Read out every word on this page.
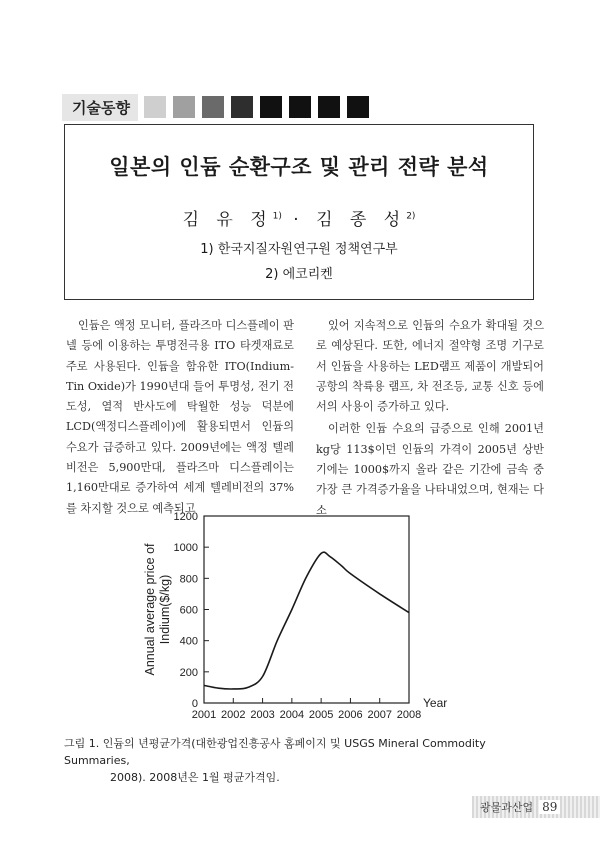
기술동향
일본의 인듐 순환구조 및 관리 전략 분석
김 유 정$^{1)}$ · 김 종 성$^{2)}$
1) 한국지질자원연구원 정책연구부
2) 에코리켄

인듐은 액정 모니터, 플라즈마 디스플레이 판넬 등에 이용하는 투명전극용 ITO 타겟재료로 주로 사용된다. 인듐을 함유한 ITO(Indium-Tin Oxide)가 1990년대 들어 투명성, 전기 전도성, 열적 반사도에 탁월한 성능 덕분에 LCD(액정디스플레이)에 활용되면서 인듐의 수요가 급증하고 있다. 2009년에는 액정 텔레비전은 5,900만대, 플라즈마 디스플레이는 1,160만대로 증가하여 세계 텔레비전의 37%를 차지할 것으로 예측되고

있어 지속적으로 인듐의 수요가 확대될 것으로 예상된다. 또한, 에너지 절약형 조명 기구로서 인듐을 사용하는 LED램프 제품이 개발되어 공항의 착륙용 램프, 차 전조등, 교통 신호 등에서의 사용이 증가하고 있다.

이러한 인듐 수요의 급증으로 인해 2001년 kg당 113$이던 인듐의 가격이 2005년 상반기에는 1000$까지 올라 같은 기간에 금속 중 가장 큰 가격증가율을 나타내었으며, 현재는 다소

0
200
400
600
800
1000
1200
2001 2002 2003 2004 2005 2006 2007 2008
Year
Annual average price ofIndium($/kg)
그림 1. 인듐의 년평균가격(대한광업진흥공사 홈페이지 및 USGS Mineral Commodity Summaries,
2008). 2008년은 1월 평균가격임.
광물과산업 89
